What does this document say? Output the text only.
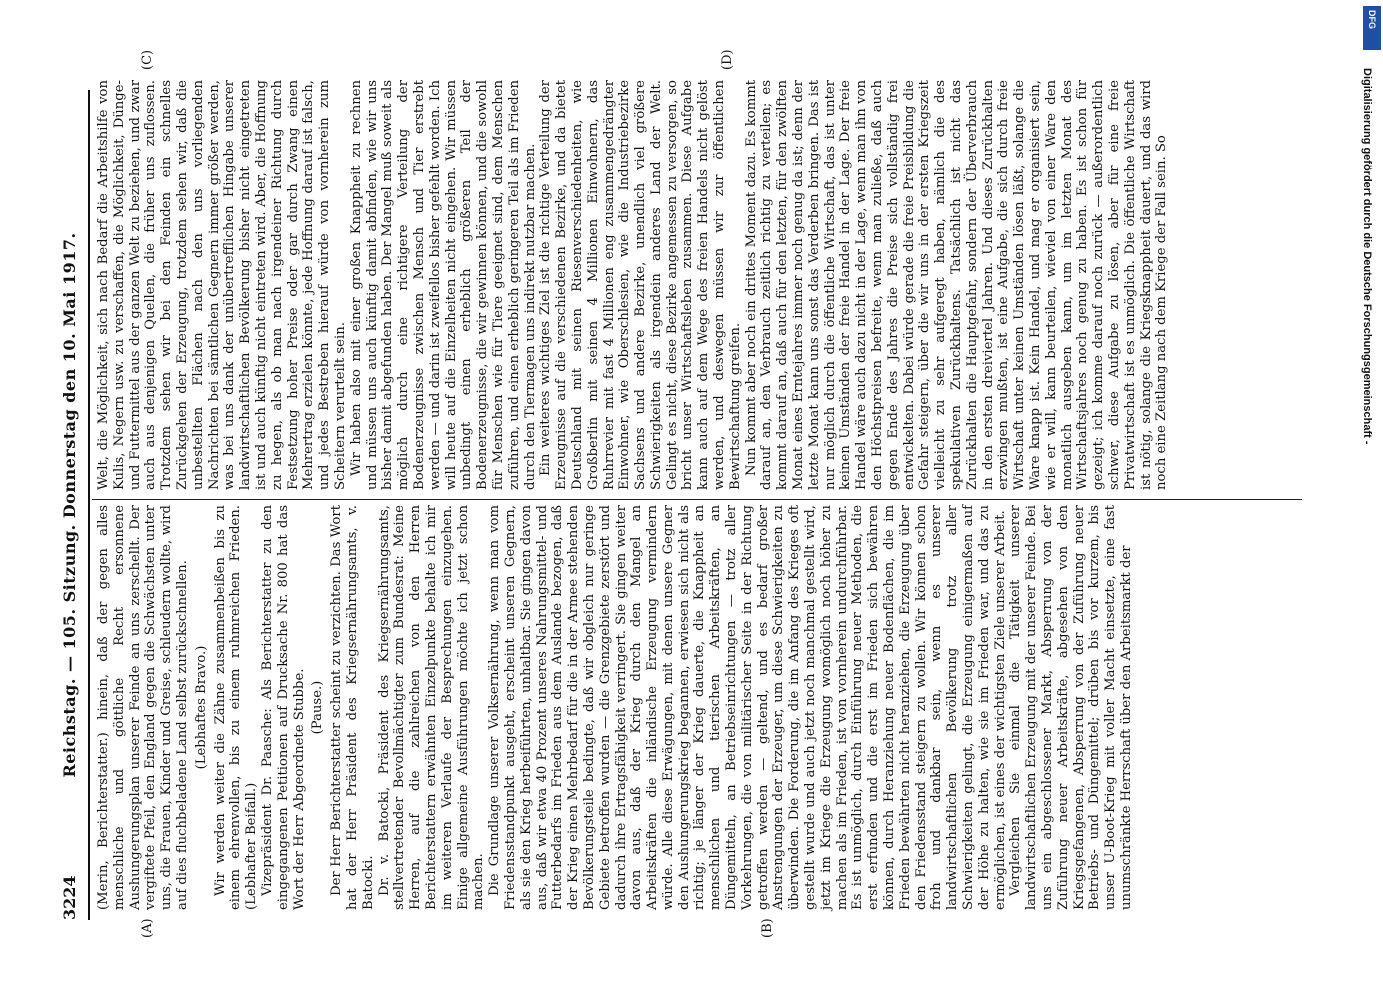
3224
Reichstag. — 105. Sitzung. Donnerstag den 10. Mai 1917.
(A)	(B)
(C)	(D)

(Merin, Berichterstatter.) hinein, daß der gegen alles menschliche und göttliche Recht ersonnene Aushungerungsplan unserer Feinde an uns zerschellt. Der vergiftete Pfeil, den England gegen die Schwächsten unter uns, die Frauen, Kinder und Greise, schleudern wollte, wird auf dies fluchbeladene Land selbst zurückschnellen. (Lebhaftes Bravo.) Wir werden weiter die Zähne zusammenbeißen bis zu einem ehrenvollen, bis zu einem ruhmreichen Frieden. (Lebhafter Beifall.) Vizepräsident Dr. Paasche: Als Berichterstatter zu den eingegangenen Petitionen auf Drucksache Nr. 800 hat das Wort der Herr Abgeordnete Stubbe. (Pause.) Der Herr Berichterstatter scheint zu verzichten. Das Wort hat der Herr Präsident des Kriegsernährungsamts, v. Batocki. Dr. v. Batocki, Präsident des Kriegsernährungsamts, stellvertretender Bevollmächtigter zum Bundesrat: Meine Herren, auf die zahlreichen von den Herren Berichterstattern erwähnten Einzelpunkte behalte ich mir im weiteren Verlaufe der Besprechungen einzugehen. Einige allgemeine Ausführungen möchte ich jetzt schon machen. Die Grundlage unserer Volksernährung, wenn man vom Friedensstandpunkt ausgeht, erscheint unseren Gegnern, als sie den Krieg herbeiführten, unhaltbar. Sie gingen davon aus, daß wir etwa 40 Prozent unseres Nahrungsmittel- und Futterbedarfs im Frieden aus dem Auslande bezogen, daß der Krieg einen Mehrbedarf für die in der Armee stehenden Bevölkerungsteile bedingte, daß wir obgleich nur geringe Gebiete betroffen wurden — die Grenzgebiete zerstört und dadurch ihre Ertragsfähigkeit verringert. Sie gingen weiter davon aus, daß der Krieg durch den Mangel an Arbeitskräften die inländische Erzeugung vermindern würde. Alle diese Erwägungen, mit denen unsere Gegner den Aushungerungskrieg begannen, erwiesen sich nicht als richtig; je länger der Krieg dauerte, die Knappheit an menschlichen und tierischen Arbeitskräften, an Düngemitteln, an Betriebseinrichtungen — trotz aller Vorkehrungen, die von militärischer Seite in der Richtung getroffen werden — geltend, und es bedarf großer Anstrengungen der Erzeuger, um diese Schwierigkeiten zu überwinden. Die Forderung, die im Anfang des Krieges oft gestellt wurde und auch jetzt noch manchmal gestellt wird, jetzt im Kriege die Erzeugung womöglich noch höher zu machen als im Frieden, ist von vornherein undurchführbar. Es ist unmöglich, durch Einführung neuer Methoden, die erst erfunden und die erst im Frieden sich bewähren können, durch Heranziehung neuer Bodenflächen, die im Frieden bewährten nicht heranziehen, die Erzeugung über den Friedensstand steigern zu wollen. Wir können schon froh und dankbar sein, wenn es unserer landwirtschaftlichen Bevölkerung trotz aller Schwierigkeiten gelingt, die Erzeugung einigermaßen auf der Höhe zu halten, wie sie im Frieden war, und das zu ermöglichen, ist eines der wichtigsten Ziele unserer Arbeit. Vergleichen Sie einmal die Tätigkeit unserer landwirtschaftlichen Erzeugung mit der unserer Feinde. Bei uns ein abgeschlossener Markt, Absperrung von der Zuführung neuer Arbeitskräfte, abgesehen von den Kriegsgefangenen, Absperrung von der Zuführung neuer Betriebs- und Düngemittel; drüben bis vor kurzem, bis unser U-Boot-Krieg mit voller Macht einsetzte, eine fast unumschränkte Herrschaft über den Arbeitsmarkt der

Welt, die Möglichkeit, sich nach Bedarf die Arbeitshilfe von Kulis, Negern usw. zu verschaffen, die Möglichkeit, Dünge- und Futtermittel aus der ganzen Welt zu beziehen, und zwar auch aus denjenigen Quellen, die früher uns zuflossen. Trotzdem sehen wir bei den Feinden ein schnelles Zurückgehen der Erzeugung, trotzdem sehen wir, daß die unbestellten Flächen nach den uns vorliegenden Nachrichten bei sämtlichen Gegnern immer größer werden, was bei uns dank der unübertrefflichen Hingabe unserer landwirtschaftlichen Bevölkerung bisher nicht eingetreten ist und auch künftig nicht eintreten wird. Aber, die Hoffnung zu hegen, als ob man nach irgendeiner Richtung durch Festsetzung hoher Preise oder gar durch Zwang einen Mehrertrag erzielen könnte, jede Hoffnung darauf ist falsch, und jedes Bestreben hierauf würde von vornherein zum Scheitern verurteilt sein. Wir haben also mit einer großen Knappheit zu rechnen und müssen uns auch künftig damit abfinden, wie wir uns bisher damit abgefunden haben. Der Mangel muß soweit als möglich durch eine richtigere Verteilung der Bodenerzeugnisse zwischen Mensch und Tier erstrebt werden — und darin ist zweifellos bisher gefehlt worden. Ich will heute auf die Einzelheiten nicht eingehen. Wir müssen unbedingt einen erheblich größeren Teil der Bodenerzeugnisse, die wir gewinnen können, und die sowohl für Menschen wie für Tiere geeignet sind, dem Menschen zuführen, und einen erheblich geringeren Teil als im Frieden durch den Tiermagen uns indirekt nutzbar machen. Ein weiteres wichtiges Ziel ist die richtige Verteilung der Erzeugnisse auf die verschiedenen Bezirke, und da bietet Deutschland mit seinen Riesenverschiedenheiten, wie Großberlin mit seinen 4 Millionen Einwohnern, das Ruhrrevier mit fast 4 Millionen eng zusammengedrängter Einwohner, wie Oberschlesien, wie die Industriebezirke Sachsens und andere Bezirke, unendlich viel größere Schwierigkeiten als irgendein anderes Land der Welt. Gelingt es nicht, diese Bezirke angemessen zu versorgen, so bricht unser Wirtschaftsleben zusammen. Diese Aufgabe kann auch auf dem Wege des freien Handels nicht gelöst werden, und deswegen müssen wir zur öffentlichen Bewirtschaftung greifen. Nun kommt aber noch ein drittes Moment dazu. Es kommt darauf an, den Verbrauch zeitlich richtig zu verteilen; es kommt darauf an, daß auch für den letzten, für den zwölften Monat eines Erntejahres immer noch genug da ist; denn der letzte Monat kann uns sonst das Verderben bringen. Das ist nur möglich durch die öffentliche Wirtschaft, das ist unter keinen Umständen der freie Handel in der Lage. Der freie Handel wäre auch dazu nicht in der Lage, wenn man ihn von den Höchstpreisen befreite, wenn man zuließe, daß auch gegen Ende des Jahres die Preise sich vollständig frei entwickelten. Dabei würde gerade die freie Preisbildung die Gefahr steigern, über die wir uns in der ersten Kriegszeit vielleicht zu sehr aufgeregt haben, nämlich die des spekulativen Zurückhaltens. Tatsächlich ist nicht das Zurückhalten die Hauptgefahr, sondern der Überverbrauch in den ersten dreiviertel Jahren. Und dieses Zurückhalten erzwingen mußten, ist eine Aufgabe, die sich durch freie Wirtschaft unter keinen Umständen lösen läßt, solange die Ware knapp ist. Kein Handel, und mag er organisiert sein, wie er will, kann beurteilen, wieviel von einer Ware den monatlich ausgeben kann, um im letzten Monat des Wirtschaftsjahres noch genug zu haben. Es ist schon für gezeigt; ich komme darauf noch zurück — außerordentlich schwer, diese Aufgabe zu lösen, aber für eine freie Privatwirtschaft ist es unmöglich. Die öffentliche Wirtschaft ist nötig, solange die Kriegsknappheit dauert, und das wird noch eine Zeitlang nach dem Kriege der Fall sein. So	Digitalisierung gefördert durch die Deutsche Forschungsgemeinschaft -
DFG
